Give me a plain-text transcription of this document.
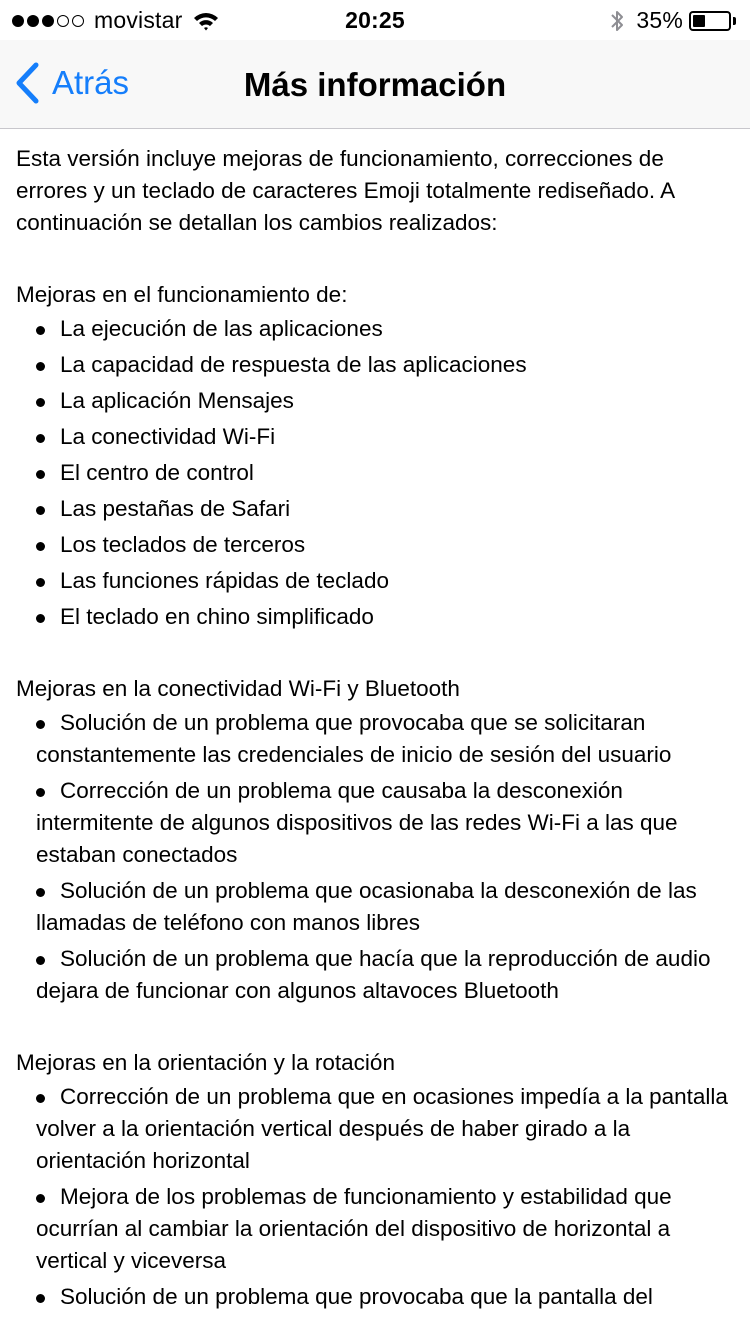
movistar	20:25	35%
Atrás	Más información

Esta versión incluye mejoras de funcionamiento, correcciones de errores y un teclado de caracteres Emoji totalmente rediseñado. A continuación se detallan los cambios realizados:

Mejoras en el funcionamiento de:

La ejecución de las aplicaciones
La capacidad de respuesta de las aplicaciones
La aplicación Mensajes
La conectividad Wi-Fi
El centro de control
Las pestañas de Safari
Los teclados de terceros
Las funciones rápidas de teclado
El teclado en chino simplificado

Mejoras en la conectividad Wi-Fi y Bluetooth

Solución de un problema que provocaba que se solicitaran constantemente las credenciales de inicio de sesión del usuario
Corrección de un problema que causaba la desconexión intermitente de algunos dispositivos de las redes Wi-Fi a las que estaban conectados
Solución de un problema que ocasionaba la desconexión de las llamadas de teléfono con manos libres
Solución de un problema que hacía que la reproducción de audio dejara de funcionar con algunos altavoces Bluetooth

Mejoras en la orientación y la rotación

Corrección de un problema que en ocasiones impedía a la pantalla volver a la orientación vertical después de haber girado a la orientación horizontal
Mejora de los problemas de funcionamiento y estabilidad que ocurrían al cambiar la orientación del dispositivo de horizontal a vertical y viceversa
Solución de un problema que provocaba que la pantalla del
